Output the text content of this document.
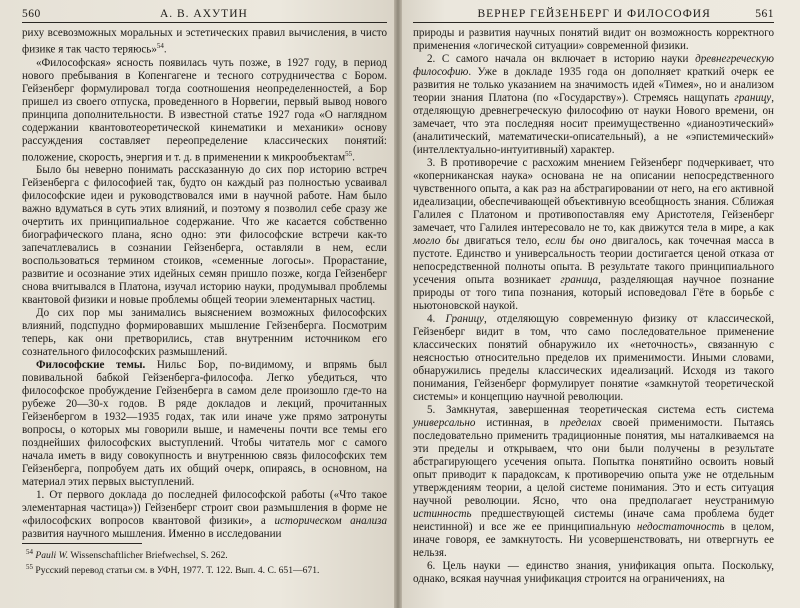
560	А. В. АХУТИН

риху всевозможных моральных и эстетических правил вычисления, в чисто физике я так часто теряюсь»$^{54}$.

«Философская» ясность появилась чуть позже, в 1927 году, в период нового пребывания в Копенгагене и тесного сотрудничества с Бором. Гейзенберг формулировал тогда соотношения неопределенностей, а Бор пришел из своего отпуска, проведенного в Норвегии, первый вывод нового принципа дополнительности. В известной статье 1927 года «О наглядном содержании квантовотеоретической кинематики и механики» основу рассуждения составляет переопределение классических понятий: положение, скорость, энергия и т. д. в применении к микрообъектам$^{55}$.

Было бы неверно понимать рассказанную до сих пор историю встреч Гейзенберга с философией так, будто он каждый раз полностью усваивал философские идеи и руководствовался ими в научной работе. Нам было важно вдуматься в суть этих влияний, и поэтому я позволил себе сразу же очертить их принципиальное содержание. Что же касается собственно биографического плана, ясно одно: эти философские встречи как-то запечатлевались в сознании Гейзенберга, оставляли в нем, если воспользоваться термином стоиков, «семенные логосы». Прорастание, развитие и осознание этих идейных семян пришло позже, когда Гейзенберг снова вчитывался в Платона, изучал историю науки, продумывал проблемы квантовой физики и новые проблемы общей теории элементарных частиц.

До сих пор мы занимались выяснением возможных философских влияний, подспудно формировавших мышление Гейзенберга. Посмотрим теперь, как они претворились, став внутренним источником его сознательного философских размышлений.

Философские темы. Нильс Бор, по-видимому, и впрямь был повивальной бабкой Гейзенберга-философа. Легко убедиться, что философское пробуждение Гейзенберга в самом деле произошло где-то на рубеже 20—30-х годов. В ряде докладов и лекций, прочитанных Гейзенбергом в 1932—1935 годах, так или иначе уже прямо затронуты вопросы, о которых мы говорили выше, и намечены почти все темы его позднейших философских выступлений. Чтобы читатель мог с самого начала иметь в виду совокупность и внутреннюю связь философских тем Гейзенберга, попробуем дать их общий очерк, опираясь, в основном, на материал этих первых выступлений.

1. От первого доклада до последней философской работы («Что такое элементарная частица»)) Гейзенберг строит свои размышления в форме не «философских вопросов квантовой физики», а историческом анализа развития научного мышления. Именно в исследовании

$^{54}$ Pauli W. Wissenschaftlicher Briefwechsel, S. 262.
$^{55}$ Русский перевод статьи см. в УФН, 1977. Т. 122. Вып. 4. С. 651—671.
ВЕРНЕР ГЕЙЗЕНБЕРГ И ФИЛОСОФИЯ	561

природы и развития научных понятий видит он возможность корректного применения «логической ситуации» современной физики.

2. С самого начала он включает в историю науки древнегреческую философию. Уже в докладе 1935 года он дополняет краткий очерк ее развития не только указанием на значимость идей «Тимея», но и анализом теории знания Платона (по «Государству»). Стремясь нащупать границу, отделяющую древнегреческую философию от науки Нового времени, он замечает, что эта последняя носит преимущественно «дианоэтический» (аналитический, математически-описательный), а не «эпистемический» (интеллектуально-интуитивный) характер.

3. В противоречие с расхожим мнением Гейзенберг подчеркивает, что «коперниканская наука» основана не на описании непосредственного чувственного опыта, а как раз на абстрагировании от него, на его активной идеализации, обеспечивающей объективную всеобщность знания. Сближая Галилея с Платоном и противопоставляя ему Аристотеля, Гейзенберг замечает, что Галилея интересовало не то, как движутся тела в мире, а как могло бы двигаться тело, если бы оно двигалось, как точечная масса в пустоте. Единство и универсальность теории достигается ценой отказа от непосредственной полноты опыта. В результате такого принципиального усечения опыта возникает граница, разделяющая научное познание природы от того типа познания, который исповедовал Гёте в борьбе с ньютоновской наукой.

4. Границу, отделяющую современную физику от классической, Гейзенберг видит в том, что само последовательное применение классических понятий обнаружило их «неточность», связанную с неясностью относительно пределов их применимости. Иными словами, обнаружились пределы классических идеализаций. Исходя из такого понимания, Гейзенберг формулирует понятие «замкнутой теоретической системы» и концепцию научной революции.

5. Замкнутая, завершенная теоретическая система есть система универсально истинная, в пределах своей применимости. Пытаясь последовательно применить традиционные понятия, мы наталкиваемся на эти пределы и открываем, что они были получены в результате абстрагирующего усечения опыта. Попытка понятийно освоить новый опыт приводит к парадоксам, к противоречию опыта уже не отдельным утверждениям теории, а целой системе понимания. Это и есть ситуация научной революции. Ясно, что она предполагает неустранимую истинность предшествующей системы (иначе сама проблема будет неистинной) и все же ее принципиальную недостаточность в целом, иначе говоря, ее замкнутость. Ни усовершенствовать, ни отвергнуть ее нельзя.

6. Цель науки — единство знания, унификация опыта. Поскольку, однако, всякая научная унификация строится на ограничениях, на
